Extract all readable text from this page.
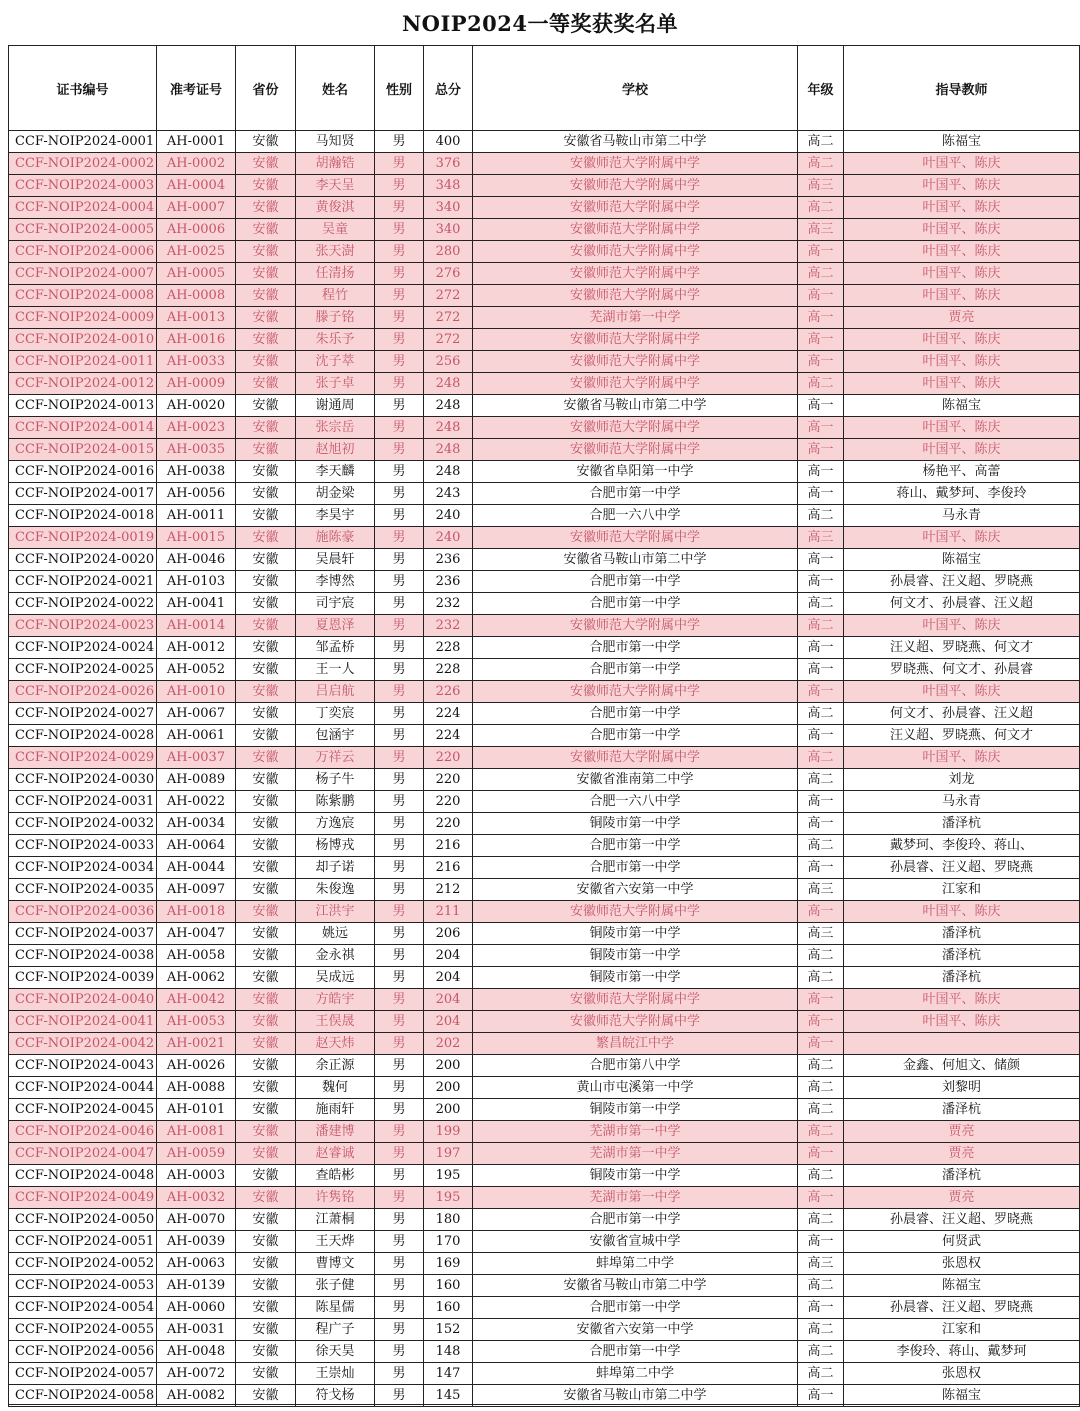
NOIP2024一等奖获奖名单
证书编号	准考证号	省份	姓名	性别	总分	学校	年级	指导教师
CCF-NOIP2024-0001	AH-0001	安徽	马知贤	男	400	安徽省马鞍山市第二中学	高二	陈福宝
CCF-NOIP2024-0002	AH-0002	安徽	胡瀚锆	男	376	安徽师范大学附属中学	高二	叶国平、陈庆
CCF-NOIP2024-0003	AH-0004	安徽	李天呈	男	348	安徽师范大学附属中学	高三	叶国平、陈庆
CCF-NOIP2024-0004	AH-0007	安徽	黄俊淇	男	340	安徽师范大学附属中学	高二	叶国平、陈庆
CCF-NOIP2024-0005	AH-0006	安徽	吴童	男	340	安徽师范大学附属中学	高三	叶国平、陈庆
CCF-NOIP2024-0006	AH-0025	安徽	张天澍	男	280	安徽师范大学附属中学	高一	叶国平、陈庆
CCF-NOIP2024-0007	AH-0005	安徽	任清扬	男	276	安徽师范大学附属中学	高二	叶国平、陈庆
CCF-NOIP2024-0008	AH-0008	安徽	程竹	男	272	安徽师范大学附属中学	高一	叶国平、陈庆
CCF-NOIP2024-0009	AH-0013	安徽	滕子铭	男	272	芜湖市第一中学	高一	贾亮
CCF-NOIP2024-0010	AH-0016	安徽	朱乐予	男	272	安徽师范大学附属中学	高一	叶国平、陈庆
CCF-NOIP2024-0011	AH-0033	安徽	沈子萃	男	256	安徽师范大学附属中学	高一	叶国平、陈庆
CCF-NOIP2024-0012	AH-0009	安徽	张子卓	男	248	安徽师范大学附属中学	高二	叶国平、陈庆
CCF-NOIP2024-0013	AH-0020	安徽	谢通周	男	248	安徽省马鞍山市第二中学	高一	陈福宝
CCF-NOIP2024-0014	AH-0023	安徽	张宗岳	男	248	安徽师范大学附属中学	高一	叶国平、陈庆
CCF-NOIP2024-0015	AH-0035	安徽	赵旭初	男	248	安徽师范大学附属中学	高一	叶国平、陈庆
CCF-NOIP2024-0016	AH-0038	安徽	李天麟	男	248	安徽省阜阳第一中学	高一	杨艳平、高蕾
CCF-NOIP2024-0017	AH-0056	安徽	胡金梁	男	243	合肥市第一中学	高一	蒋山、戴梦珂、李俊玲
CCF-NOIP2024-0018	AH-0011	安徽	李昊宇	男	240	合肥一六八中学	高二	马永青
CCF-NOIP2024-0019	AH-0015	安徽	施陈豪	男	240	安徽师范大学附属中学	高三	叶国平、陈庆
CCF-NOIP2024-0020	AH-0046	安徽	吴晨轩	男	236	安徽省马鞍山市第二中学	高一	陈福宝
CCF-NOIP2024-0021	AH-0103	安徽	李博然	男	236	合肥市第一中学	高一	孙晨睿、汪义超、罗晓燕
CCF-NOIP2024-0022	AH-0041	安徽	司宇宸	男	232	合肥市第一中学	高二	何文才、孙晨睿、汪义超
CCF-NOIP2024-0023	AH-0014	安徽	夏恩泽	男	232	安徽师范大学附属中学	高二	叶国平、陈庆
CCF-NOIP2024-0024	AH-0012	安徽	邹孟桥	男	228	合肥市第一中学	高一	汪义超、罗晓燕、何文才
CCF-NOIP2024-0025	AH-0052	安徽	王一人	男	228	合肥市第一中学	高一	罗晓燕、何文才、孙晨睿
CCF-NOIP2024-0026	AH-0010	安徽	吕启航	男	226	安徽师范大学附属中学	高一	叶国平、陈庆
CCF-NOIP2024-0027	AH-0067	安徽	丁奕宸	男	224	合肥市第一中学	高二	何文才、孙晨睿、汪义超
CCF-NOIP2024-0028	AH-0061	安徽	包涵宇	男	224	合肥市第一中学	高一	汪义超、罗晓燕、何文才
CCF-NOIP2024-0029	AH-0037	安徽	万祥云	男	220	安徽师范大学附属中学	高二	叶国平、陈庆
CCF-NOIP2024-0030	AH-0089	安徽	杨子牛	男	220	安徽省淮南第二中学	高二	刘龙
CCF-NOIP2024-0031	AH-0022	安徽	陈紫鹏	男	220	合肥一六八中学	高一	马永青
CCF-NOIP2024-0032	AH-0034	安徽	方逸宸	男	220	铜陵市第一中学	高一	潘泽杭
CCF-NOIP2024-0033	AH-0064	安徽	杨博戎	男	216	合肥市第一中学	高二	戴梦珂、李俊玲、蒋山、
CCF-NOIP2024-0034	AH-0044	安徽	却子诺	男	216	合肥市第一中学	高一	孙晨睿、汪义超、罗晓燕
CCF-NOIP2024-0035	AH-0097	安徽	朱俊逸	男	212	安徽省六安第一中学	高三	江家和
CCF-NOIP2024-0036	AH-0018	安徽	江洪宇	男	211	安徽师范大学附属中学	高一	叶国平、陈庆
CCF-NOIP2024-0037	AH-0047	安徽	姚远	男	206	铜陵市第一中学	高三	潘泽杭
CCF-NOIP2024-0038	AH-0058	安徽	金永祺	男	204	铜陵市第一中学	高二	潘泽杭
CCF-NOIP2024-0039	AH-0062	安徽	吴成远	男	204	铜陵市第一中学	高二	潘泽杭
CCF-NOIP2024-0040	AH-0042	安徽	方皓宇	男	204	安徽师范大学附属中学	高一	叶国平、陈庆
CCF-NOIP2024-0041	AH-0053	安徽	王俣晟	男	204	安徽师范大学附属中学	高一	叶国平、陈庆
CCF-NOIP2024-0042	AH-0021	安徽	赵天炜	男	202	繁昌皖江中学	高一	
CCF-NOIP2024-0043	AH-0026	安徽	余正源	男	200	合肥市第八中学	高二	金鑫、何旭文、储颜
CCF-NOIP2024-0044	AH-0088	安徽	魏何	男	200	黄山市屯溪第一中学	高二	刘黎明
CCF-NOIP2024-0045	AH-0101	安徽	施雨轩	男	200	铜陵市第一中学	高二	潘泽杭
CCF-NOIP2024-0046	AH-0081	安徽	潘建博	男	199	芜湖市第一中学	高二	贾亮
CCF-NOIP2024-0047	AH-0059	安徽	赵睿诚	男	197	芜湖市第一中学	高一	贾亮
CCF-NOIP2024-0048	AH-0003	安徽	查皓彬	男	195	铜陵市第一中学	高二	潘泽杭
CCF-NOIP2024-0049	AH-0032	安徽	许隽铭	男	195	芜湖市第一中学	高一	贾亮
CCF-NOIP2024-0050	AH-0070	安徽	江萧桐	男	180	合肥市第一中学	高二	孙晨睿、汪义超、罗晓燕
CCF-NOIP2024-0051	AH-0039	安徽	王天烨	男	170	安徽省宣城中学	高一	何贤武
CCF-NOIP2024-0052	AH-0063	安徽	曹博文	男	169	蚌埠第二中学	高三	张恩权
CCF-NOIP2024-0053	AH-0139	安徽	张子健	男	160	安徽省马鞍山市第二中学	高二	陈福宝
CCF-NOIP2024-0054	AH-0060	安徽	陈星儒	男	160	合肥市第一中学	高一	孙晨睿、汪义超、罗晓燕
CCF-NOIP2024-0055	AH-0031	安徽	程广子	男	152	安徽省六安第一中学	高二	江家和
CCF-NOIP2024-0056	AH-0048	安徽	徐天昊	男	148	合肥市第一中学	高二	李俊玲、蒋山、戴梦珂
CCF-NOIP2024-0057	AH-0072	安徽	王崇灿	男	147	蚌埠第二中学	高二	张恩权
CCF-NOIP2024-0058	AH-0082	安徽	符戈杨	男	145	安徽省马鞍山市第二中学	高一	陈福宝
